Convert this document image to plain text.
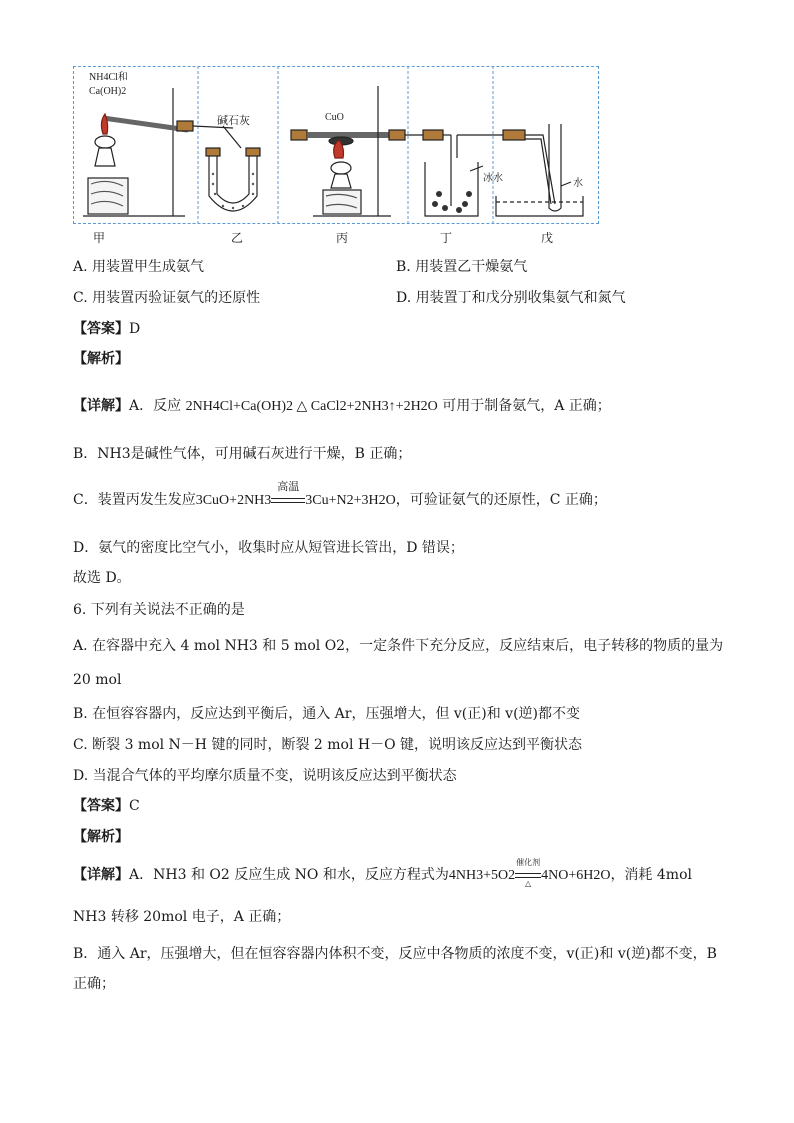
NH4Cl和
Ca(OH)2
碱石灰	CuO
冰水	水
甲	乙	丙	丁	戊
A. 用装置甲生成氨气	B. 用装置乙干燥氨气
C. 用装置丙验证氨气的还原性	D. 用装置丁和戊分别收集氨气和氮气
【答案】D
【解析】
【详解】A．反应 2NH4Cl+Ca(OH)2 △ CaCl2+2NH3↑+2H2O 可用于制备氨气，A 正确；
B．NH3是碱性气体，可用碱石灰进行干燥，B 正确；
C．装置丙发生发应3CuO+2NH3
高温
3Cu+N2+3H2O，可验证氨气的还原性，C 正确；
D．氨气的密度比空气小，收集时应从短管进长管出，D 错误；
故选 D。
6. 下列有关说法不正确的是
A. 在容器中充入 4 mol NH3 和 5 mol O2，一定条件下充分反应，反应结束后，电子转移的物质的量为
20 mol
B. 在恒容容器内，反应达到平衡后，通入 Ar，压强增大，但 v(正)和 v(逆)都不变
C. 断裂 3 mol N－H 键的同时，断裂 2 mol H－O 键，说明该反应达到平衡状态
D. 当混合气体的平均摩尔质量不变，说明该反应达到平衡状态
【答案】C
【解析】
【详解】A．NH3 和 O2 反应生成 NO 和水，反应方程式为4NH3+5O2
催化剂
△
4NO+6H2O，消耗 4mol
NH3 转移 20mol 电子，A 正确；
B．通入 Ar，压强增大，但在恒容容器内体积不变，反应中各物质的浓度不变，v(正)和 v(逆)都不变，B
正确；
